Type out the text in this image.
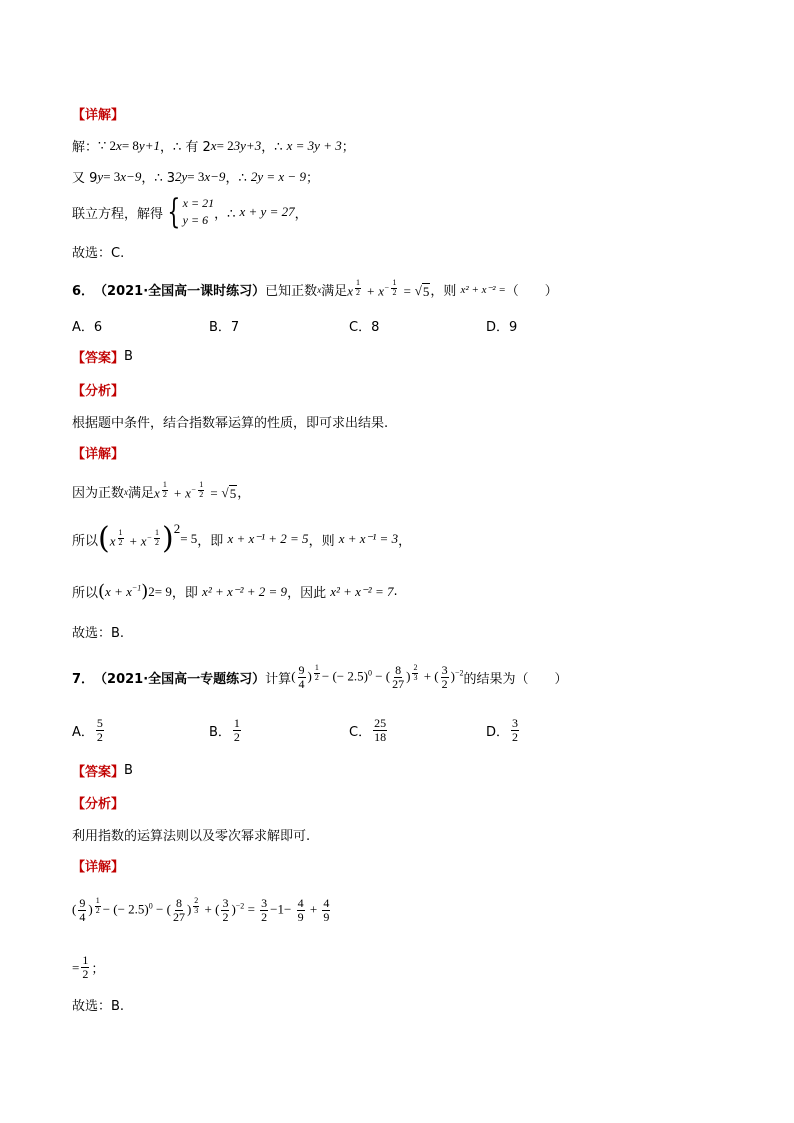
【详解】
解： ∵ 2 x = 8 y+1 ，∴ 有 2 x = 2 3y+3 ，∴
x = 3y + 3 ；
又 9 y = 3 x−9 ，∴ 3 2y = 3 x−9 ，∴
2y = x − 9 ；
联立方程，解得 { x = 21
y = 6 ，∴
x + y = 27 ，
故选：C.
6． （2021·全国高一课时练习） 已知正数 x 满足 x $^{\frac{1}{2}} + x^{- \frac{1}{2}}$ = √ 5 ，则
x² + x⁻² = （　　）
A．6	B．7	C．8	D．9
【答案】 B
【分析】
根据题中条件，结合指数幂运算的性质，即可求出结果.
【详解】
因为正数 x 满足 x $^{\frac{1}{2}} + x^{- \frac{1}{2}}$ = √ 5 ，
所以 ( x $^{\frac{1}{2}} + x^{- \frac{1}{2}}$ )$^2$
= 5 ，即
x + x⁻¹ + 2 = 5 ，则
x + x⁻¹ = 3 ，
所以 ( $x + x^{-1}$ ) 2 = 9 ，即
x² + x⁻² + 2 = 9 ，因此
x² + x⁻² = 7 .
故选：B.
7． （2021·全国高一专题练习） 计算 ( $\frac{9}{4}$ ) $^{\frac{1}{2}}$ − (− 2.5)$^0$ − ( $\frac{8}{27}$ ) $^{\frac{2}{3}}$ + ( $\frac{3}{2} )^{-2}$ 的结果为（　　）
A． $\frac{5}{2}$	B． $\frac{1}{2}$	C． $\frac{25}{18}$	D． $\frac{3}{2}$
【答案】 B
【分析】
利用指数的运算法则以及零次幂求解即可.
【详解】
( $\frac{9}{4}$ ) $^{\frac{1}{2}}$ − (− 2.5)$^0$ − ( $\frac{8}{27}$ ) $^{\frac{2}{3}}$ + ( $\frac{3}{2} )^{-2} = \frac{3}{2} -1- \frac{4}{9} + \frac{4}{9}$
= $\frac{1}{2}$ ；
故选：B.
